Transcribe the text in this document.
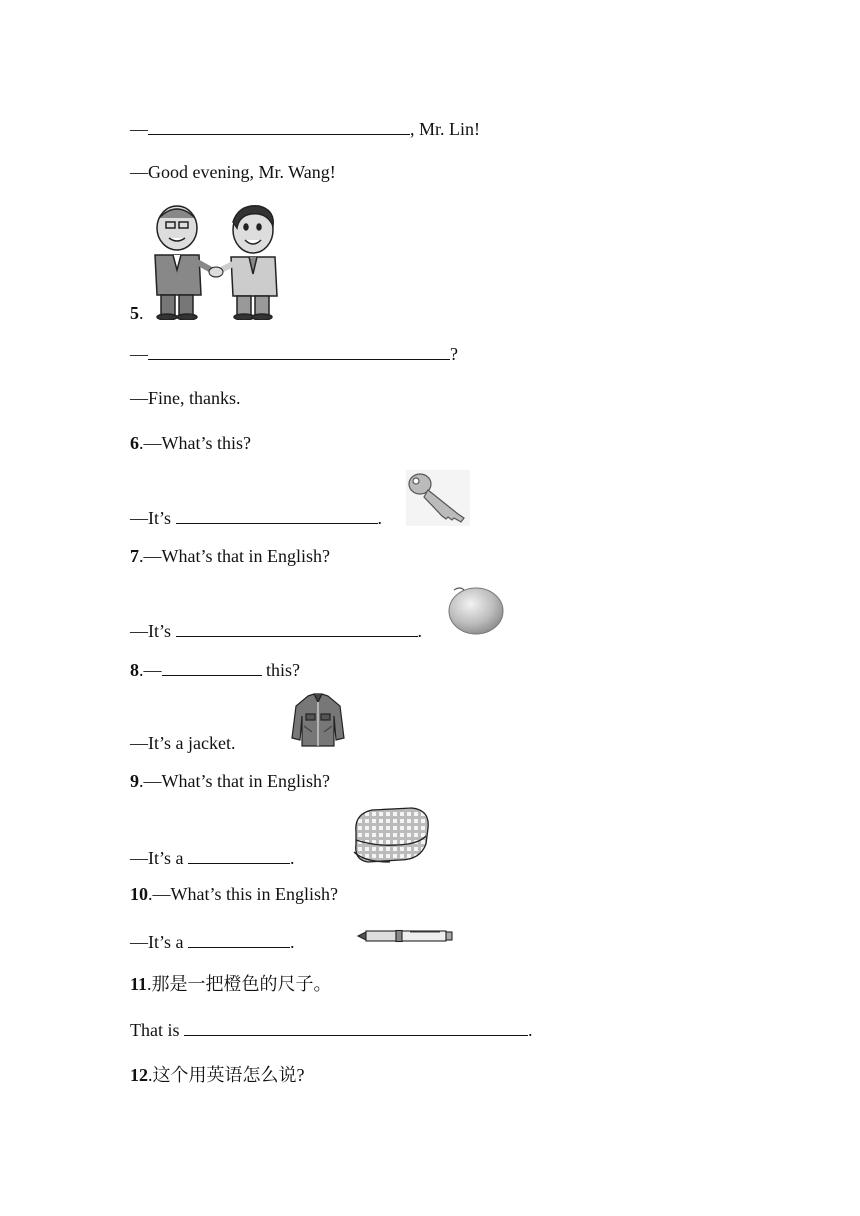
—	, Mr. Lin!
—Good evening, Mr. Wang!
5.
—	?
—Fine, thanks.
6.—What’s this?
—It’s	.
7.—What’s that in English?
—It’s	.
8.—	this?
—It’s a jacket.
9.—What’s that in English?
—It’s a	.
10.—What’s this in English?
—It’s a	.
11.那是一把橙色的尺子。
That is	.
12.这个用英语怎么说?
